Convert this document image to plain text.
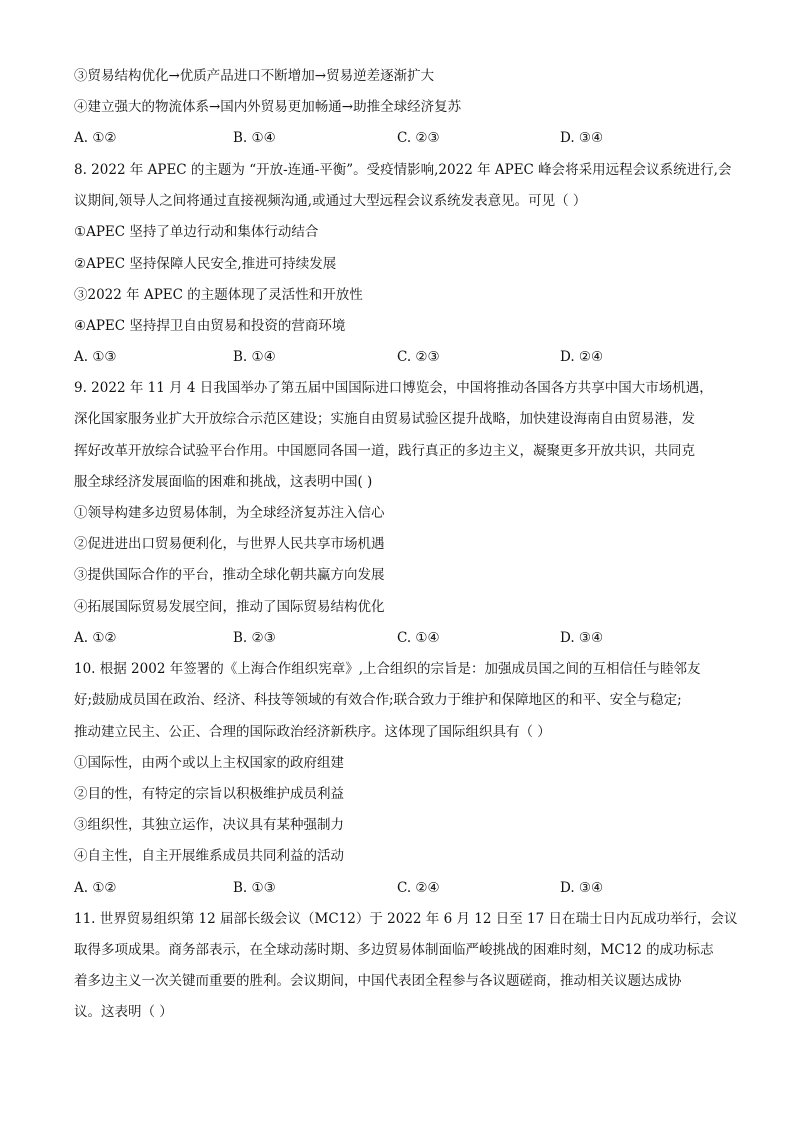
③贸易结构优化→优质产品进口不断增加→贸易逆差逐渐扩大
④建立强大的物流体系→国内外贸易更加畅通→助推全球经济复苏
A. ①②	B. ①④	C. ②③	D. ③④
8. 2022 年 APEC 的主题为 “开放-连通-平衡”。受疫情影响,2022 年 APEC 峰会将采用远程会议系统进行,会
议期间,领导人之间将通过直接视频沟通,或通过大型远程会议系统发表意见。可见（ ）
①APEC 坚持了单边行动和集体行动结合
②APEC 坚持保障人民安全,推进可持续发展
③2022 年 APEC 的主题体现了灵活性和开放性
④APEC 坚持捍卫自由贸易和投资的营商环境
A. ①③	B. ①④	C. ②③	D. ②④
9. 2022 年 11 月 4 日我国举办了第五届中国国际进口博览会，中国将推动各国各方共享中国大市场机遇，
深化国家服务业扩大开放综合示范区建设；实施自由贸易试验区提升战略，加快建设海南自由贸易港，发
挥好改革开放综合试验平台作用。中国愿同各国一道，践行真正的多边主义，凝聚更多开放共识，共同克
服全球经济发展面临的困难和挑战，这表明中国( )
①领导构建多边贸易体制，为全球经济复苏注入信心
②促进进出口贸易便利化，与世界人民共享市场机遇
③提供国际合作的平台，推动全球化朝共赢方向发展
④拓展国际贸易发展空间，推动了国际贸易结构优化
A. ①②	B. ②③	C. ①④	D. ③④
10. 根据 2002 年签署的《上海合作组织宪章》,上合组织的宗旨是：加强成员国之间的互相信任与睦邻友
好;鼓励成员国在政治、经济、科技等领域的有效合作;联合致力于维护和保障地区的和平、安全与稳定;
推动建立民主、公正、合理的国际政治经济新秩序。这体现了国际组织具有（ ）
①国际性，由两个或以上主权国家的政府组建
②目的性，有特定的宗旨以积极维护成员利益
③组织性，其独立运作，决议具有某种强制力
④自主性，自主开展维系成员共同利益的活动
A. ①②	B. ①③	C. ②④	D. ③④
11. 世界贸易组织第 12 届部长级会议（MC12）于 2022 年 6 月 12 日至 17 日在瑞士日内瓦成功举行，会议
取得多项成果。商务部表示，在全球动荡时期、多边贸易体制面临严峻挑战的困难时刻，MC12 的成功标志
着多边主义一次关键而重要的胜利。会议期间，中国代表团全程参与各议题磋商，推动相关议题达成协
议。这表明（ ）
